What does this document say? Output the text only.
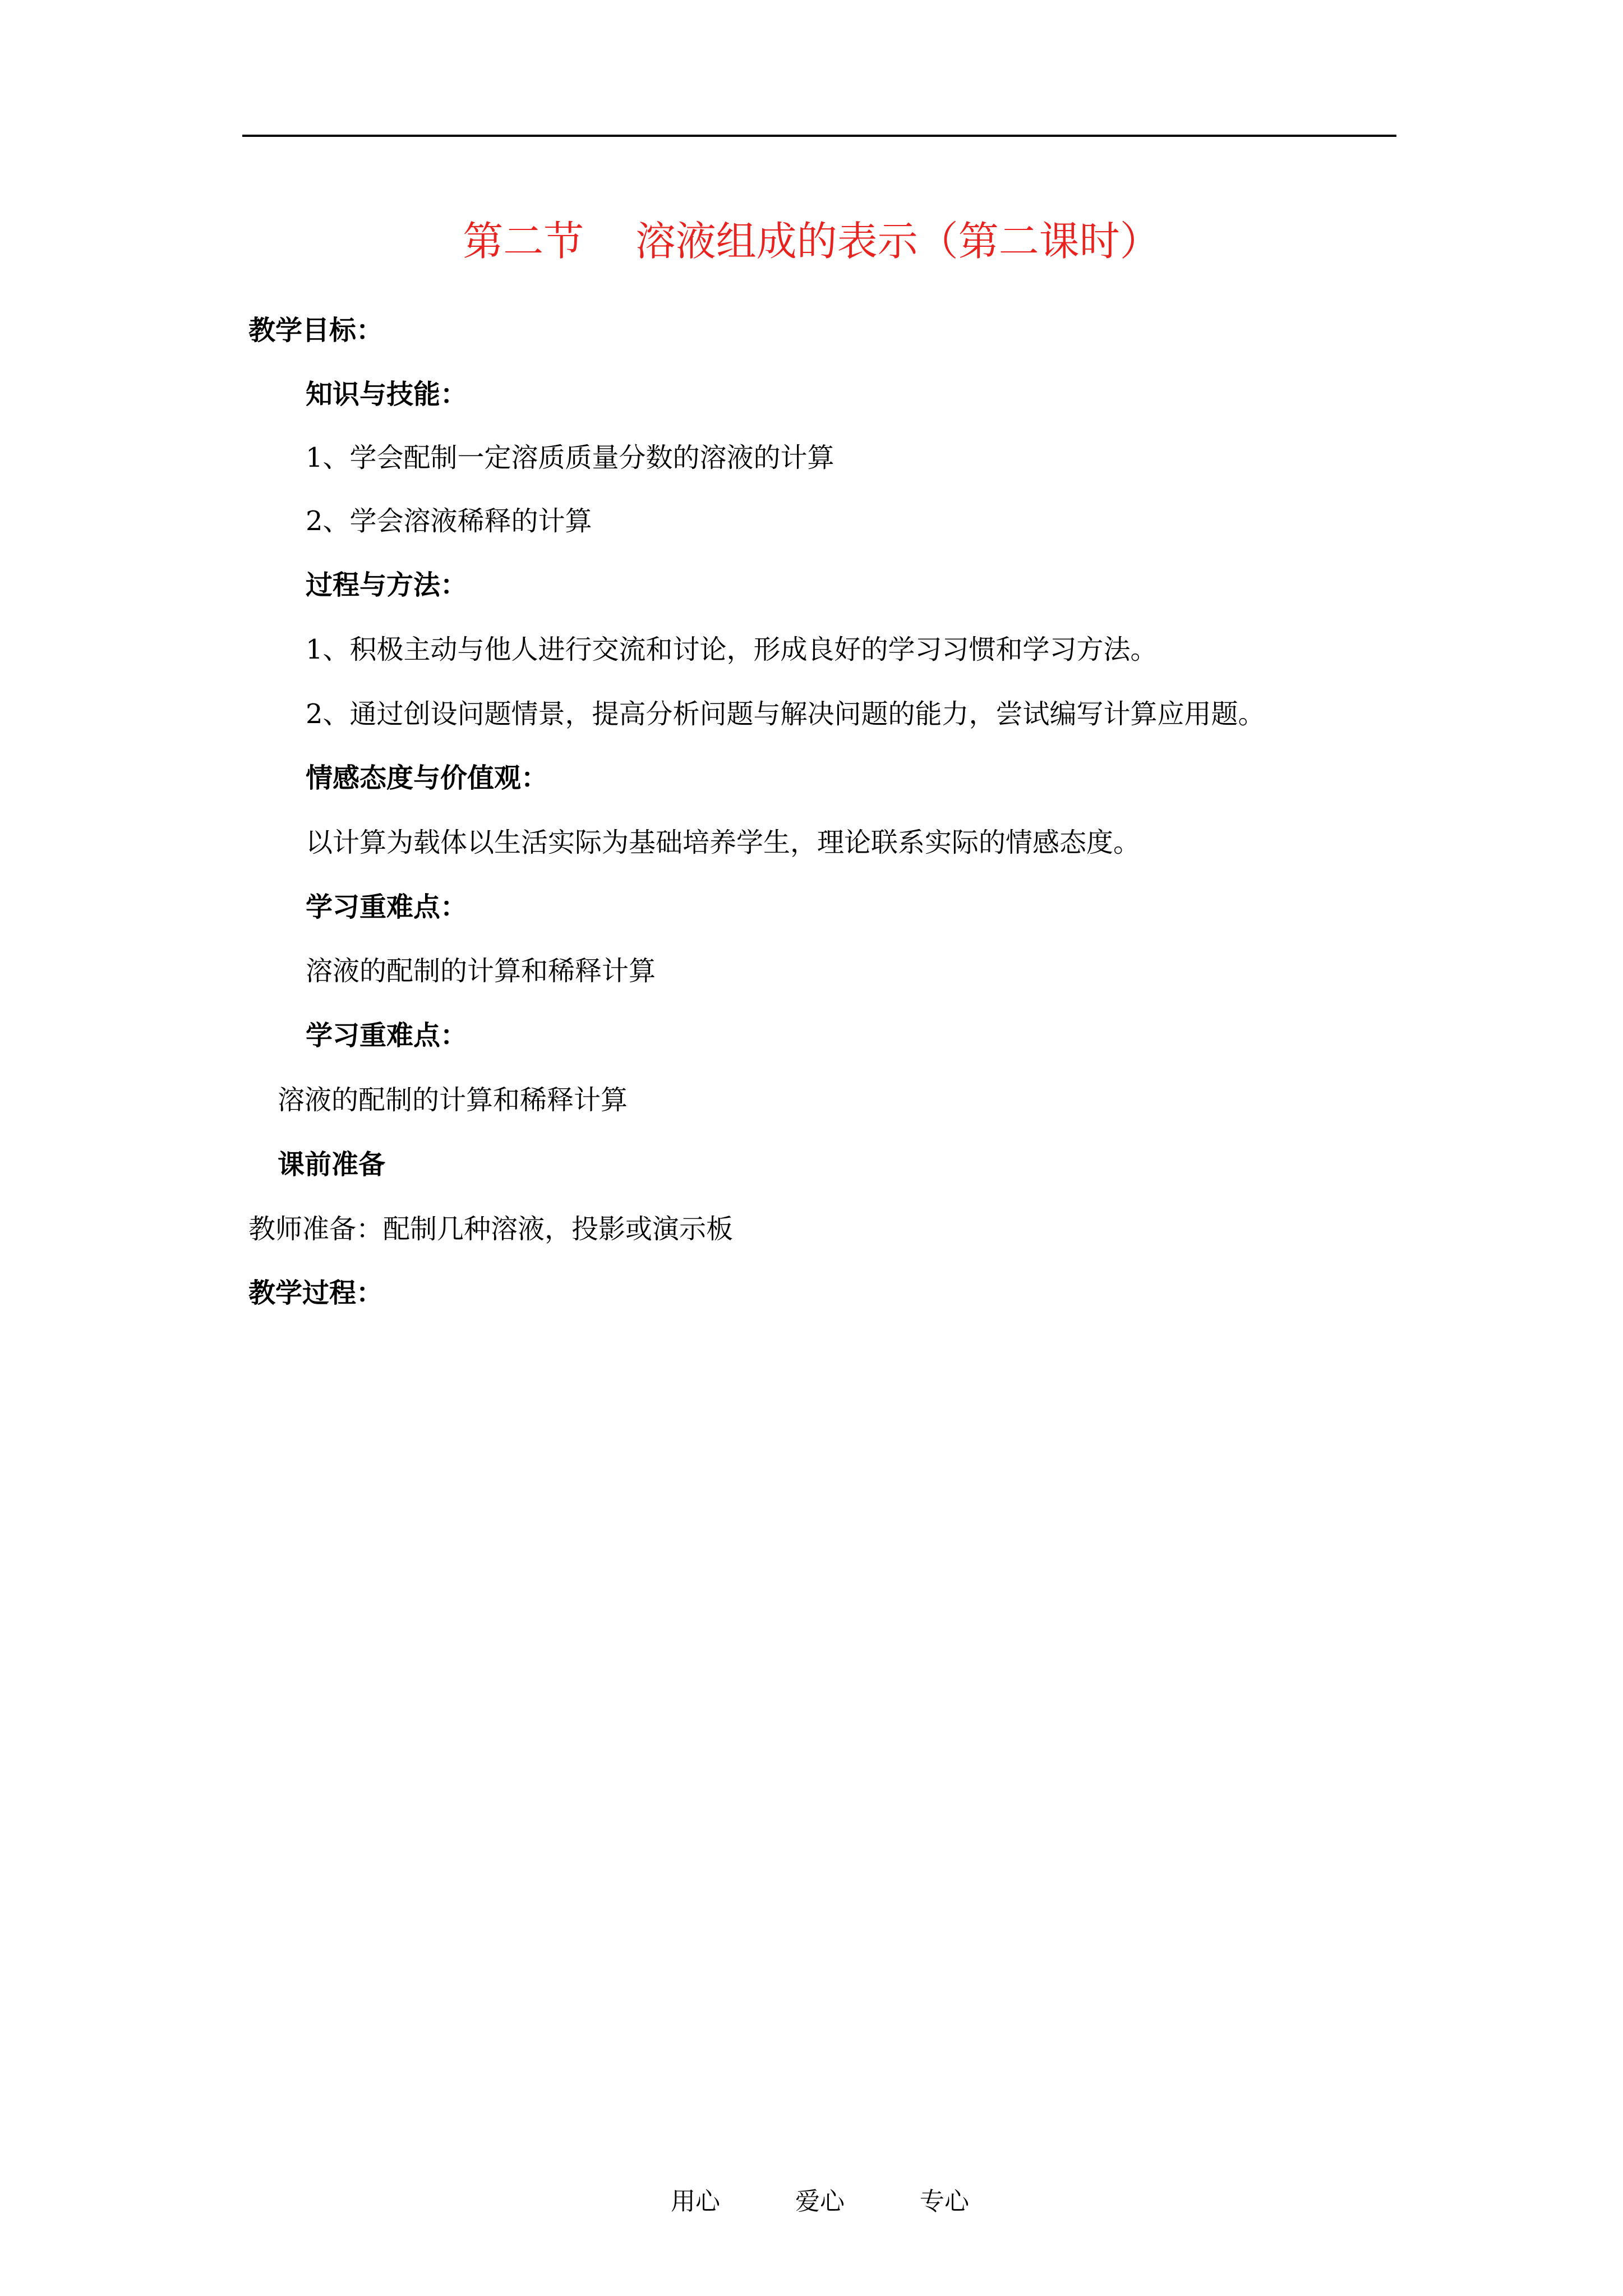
第二节    溶液组成的表示（第二课时）
教学目标：
知识与技能：
1、学会配制一定溶质质量分数的溶液的计算
2、学会溶液稀释的计算
过程与方法：
1、积极主动与他人进行交流和讨论，形成良好的学习习惯和学习方法。
2、通过创设问题情景，提高分析问题与解决问题的能力，尝试编写计算应用题。
情感态度与价值观：
以计算为载体以生活实际为基础培养学生，理论联系实际的情感态度。
学习重难点：
溶液的配制的计算和稀释计算
学习重难点：
溶液的配制的计算和稀释计算
课前准备
教师准备：配制几种溶液，投影或演示板
教学过程：
用心	爱心	专心
